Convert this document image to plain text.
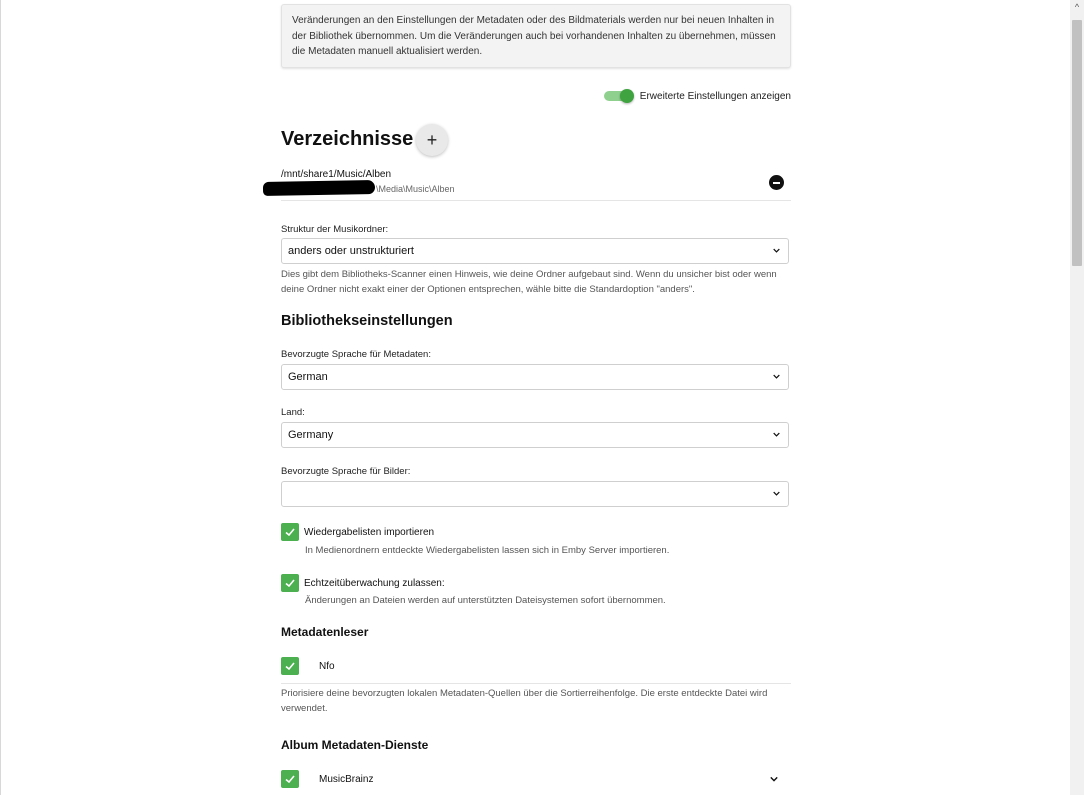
Veränderungen an den Einstellungen der Metadaten oder des Bildmaterials werden nur bei neuen Inhalten in der Bibliothek übernommen. Um die Veränderungen auch bei vorhandenen Inhalten zu übernehmen, müssen die Metadaten manuell aktualisiert werden.
Erweiterte Einstellungen anzeigen
Verzeichnisse +
/mnt/share1/Music/Alben
\Media\Music\Alben
Struktur der Musikordner:
anders oder unstrukturiert
Dies gibt dem Bibliotheks-Scanner einen Hinweis, wie deine Ordner aufgebaut sind. Wenn du unsicher bist oder wenn deine Ordner nicht exakt einer der Optionen entsprechen, wähle bitte die Standardoption "anders".
Bibliothekseinstellungen
Bevorzugte Sprache für Metadaten:
German
Land:
Germany
Bevorzugte Sprache für Bilder:
Wiedergabelisten importieren
In Medienordnern entdeckte Wiedergabelisten lassen sich in Emby Server importieren.
Echtzeitüberwachung zulassen:
Änderungen an Dateien werden auf unterstützten Dateisystemen sofort übernommen.
Metadatenleser
Nfo
Priorisiere deine bevorzugten lokalen Metadaten-Quellen über die Sortierreihenfolge. Die erste entdeckte Datei wird verwendet.
Album Metadaten-Dienste
MusicBrainz
^
